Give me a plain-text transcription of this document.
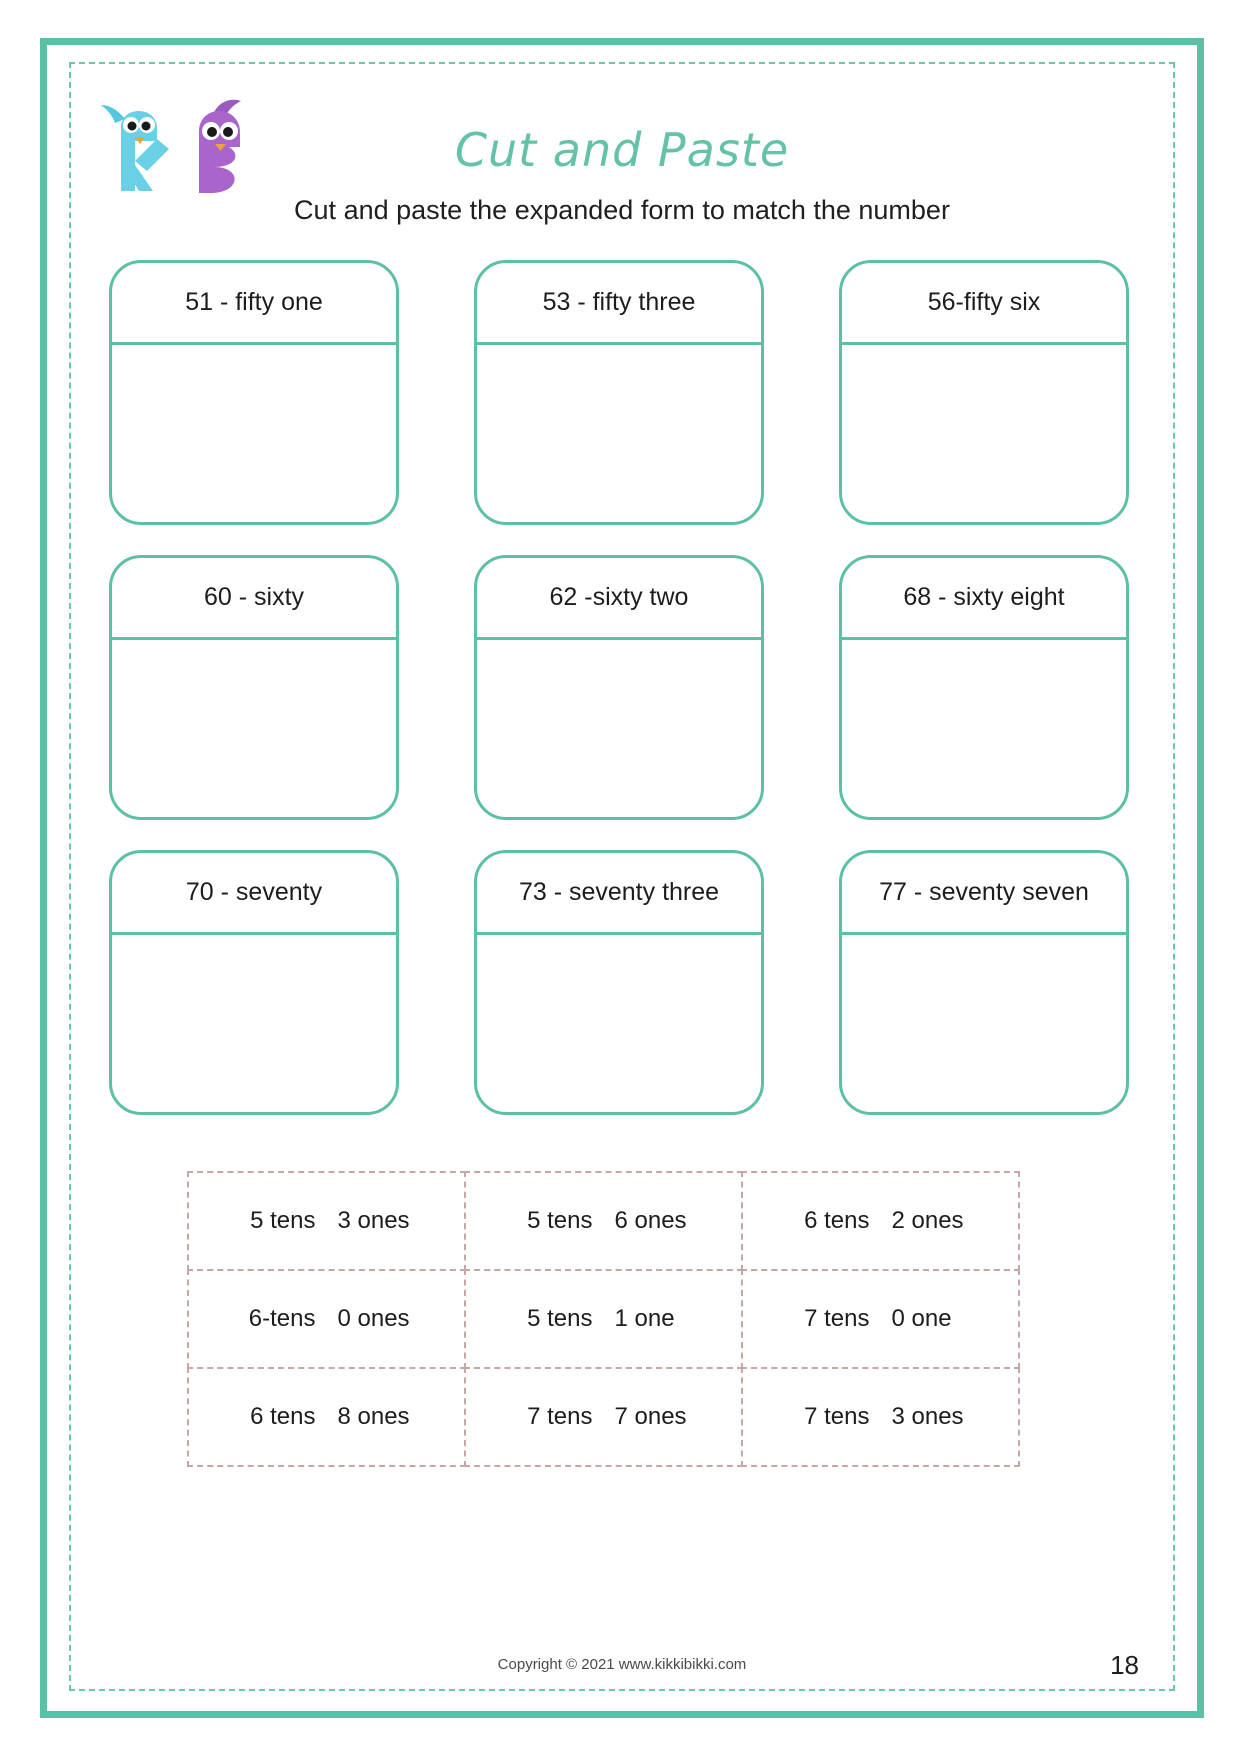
Cut and Paste
Cut and paste the expanded form to match the number
51 - fifty one	53 - fifty three	56-fifty six
60 - sixty	62 -sixty two	68 - sixty eight
70 - seventy	73 - seventy three	77 - seventy seven
5 tens 3 ones	5 tens 6 ones	6 tens 2 ones
6-tens 0 ones	5 tens 1 one	7 tens 0 one
6 tens 8 ones	7 tens 7 ones	7 tens 3 ones
Copyright © 2021 www.kikkibikki.com	18
